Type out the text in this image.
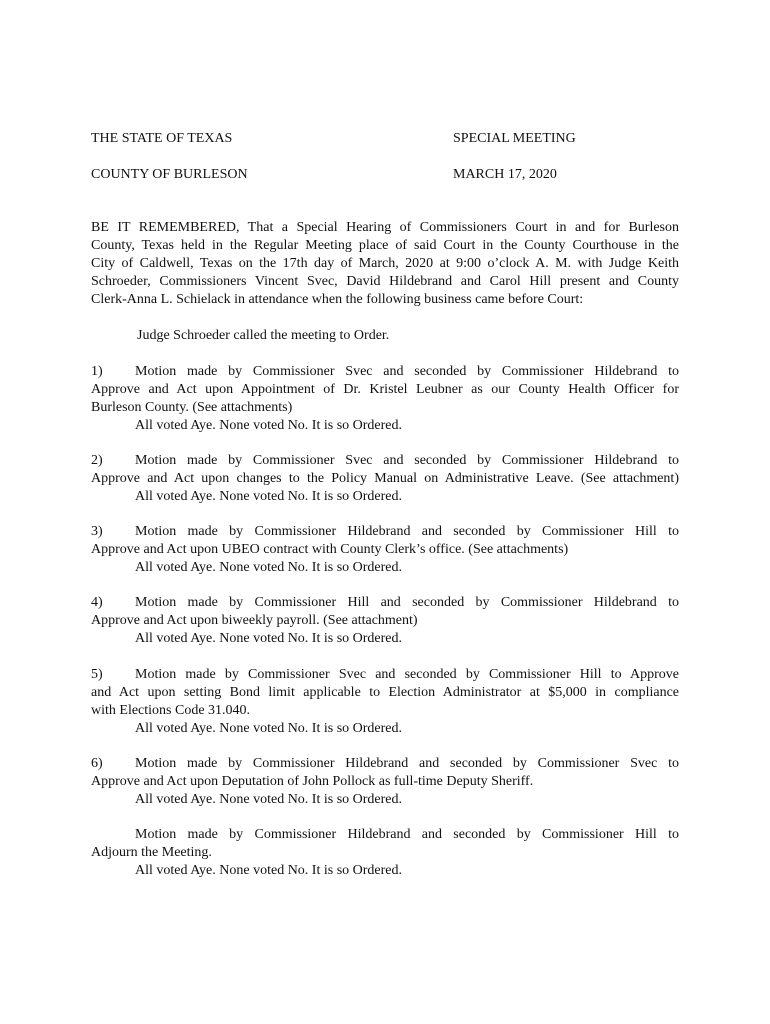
THE STATE OF TEXAS	SPECIAL MEETING
COUNTY OF BURLESON	MARCH 17, 2020
BE IT REMEMBERED, That a Special Hearing of Commissioners Court in and for Burleson
County, Texas held in the Regular Meeting place of said Court in the County Courthouse in the
City of Caldwell, Texas on the 17th day of March, 2020 at 9:00 o’clock A. M. with Judge Keith
Schroeder, Commissioners Vincent Svec, David Hildebrand and Carol Hill present and County
Clerk-Anna L. Schielack in attendance when the following business came before Court:
Judge Schroeder called the meeting to Order.
1) Motion made by Commissioner Svec and seconded by Commissioner Hildebrand to
Approve and Act upon Appointment of Dr. Kristel Leubner as our County Health Officer for
Burleson County. (See attachments)
All voted Aye. None voted No. It is so Ordered.
2) Motion made by Commissioner Svec and seconded by Commissioner Hildebrand to
Approve and Act upon changes to the Policy Manual on Administrative Leave. (See attachment)
All voted Aye. None voted No. It is so Ordered.
3) Motion made by Commissioner Hildebrand and seconded by Commissioner Hill to
Approve and Act upon UBEO contract with County Clerk’s office. (See attachments)
All voted Aye. None voted No. It is so Ordered.
4) Motion made by Commissioner Hill and seconded by Commissioner Hildebrand to
Approve and Act upon biweekly payroll. (See attachment)
All voted Aye. None voted No. It is so Ordered.
5) Motion made by Commissioner Svec and seconded by Commissioner Hill to Approve
and Act upon setting Bond limit applicable to Election Administrator at $5,000 in compliance
with Elections Code 31.040.
All voted Aye. None voted No. It is so Ordered.
6) Motion made by Commissioner Hildebrand and seconded by Commissioner Svec to
Approve and Act upon Deputation of John Pollock as full-time Deputy Sheriff.
All voted Aye. None voted No. It is so Ordered.
Motion made by Commissioner Hildebrand and seconded by Commissioner Hill to
Adjourn the Meeting.
All voted Aye. None voted No. It is so Ordered.
